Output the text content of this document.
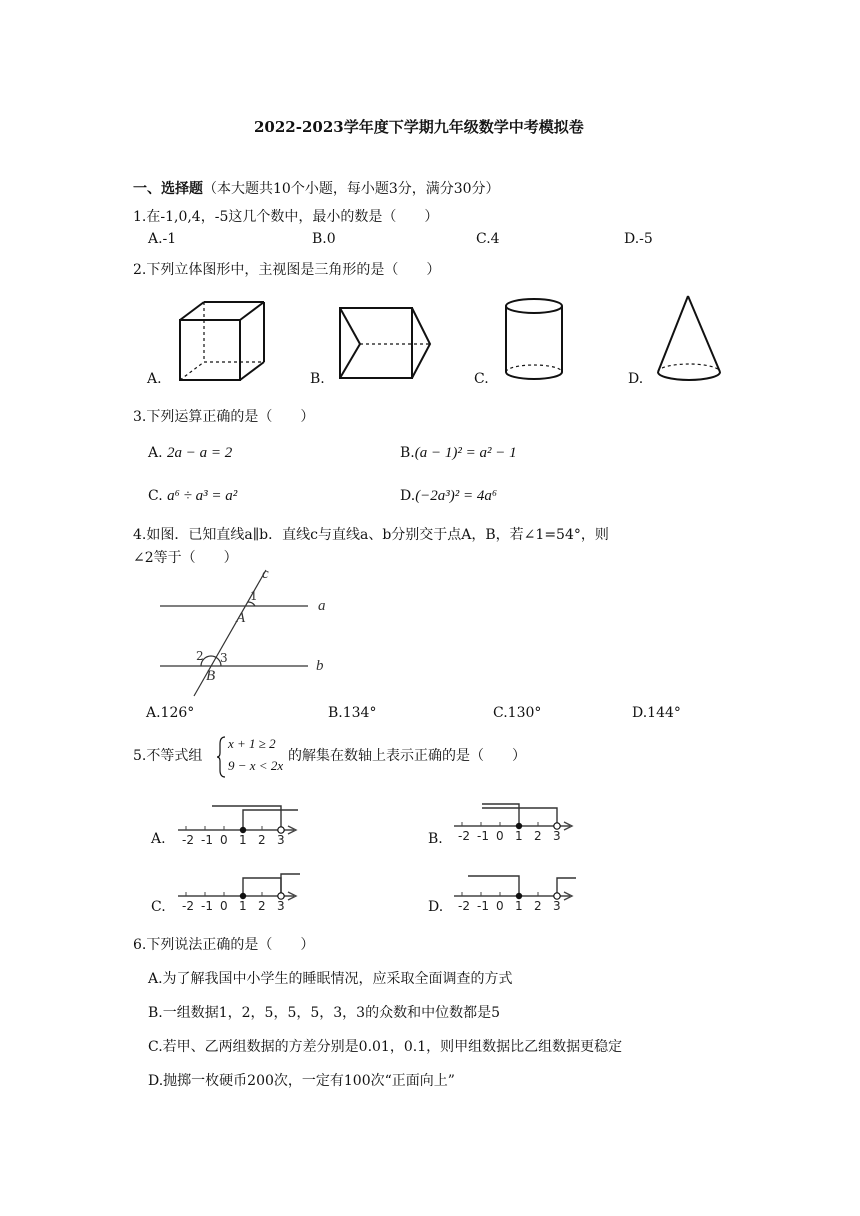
2022-2023学年度下学期九年级数学中考模拟卷
一、选择题（本大题共10个小题，每小题3分，满分30分）
1.在-1,0,4，-5这几个数中，最小的数是（　　）
A.-1	B.0	C.4	D.-5
2.下列立体图形中，主视图是三角形的是（　　）
A.	B.	C.	D.
3.下列运算正确的是（　　）
A. 2a − a = 2	B.(a − 1)² = a² − 1
C. a⁶ ÷ a³ = a²	D.(−2a³)² = 4a⁶
4.如图．已知直线a∥b．直线c与直线a、b分别交于点A，B，若∠1=54°，则
∠2等于（　　）
c
a
b
A
B
1
2 3
A.126°	B.134°	C.130°	D.144°
5.不等式组
x + 1 ≥ 2
9 − x < 2x
的解集在数轴上表示正确的是（　　）
A.	B.
C.	D.
-2 -1 0 1 2 3	-2 -1 0 1 2 3
-2 -1 0 1 2 3	-2 -1 0 1 2 3
6.下列说法正确的是（　　）
A.为了解我国中小学生的睡眠情况，应采取全面调查的方式
B.一组数据1，2，5，5，5，3，3的众数和中位数都是5
C.若甲、乙两组数据的方差分别是0.01，0.1，则甲组数据比乙组数据更稳定
D.抛掷一枚硬币200次，一定有100次“正面向上”
